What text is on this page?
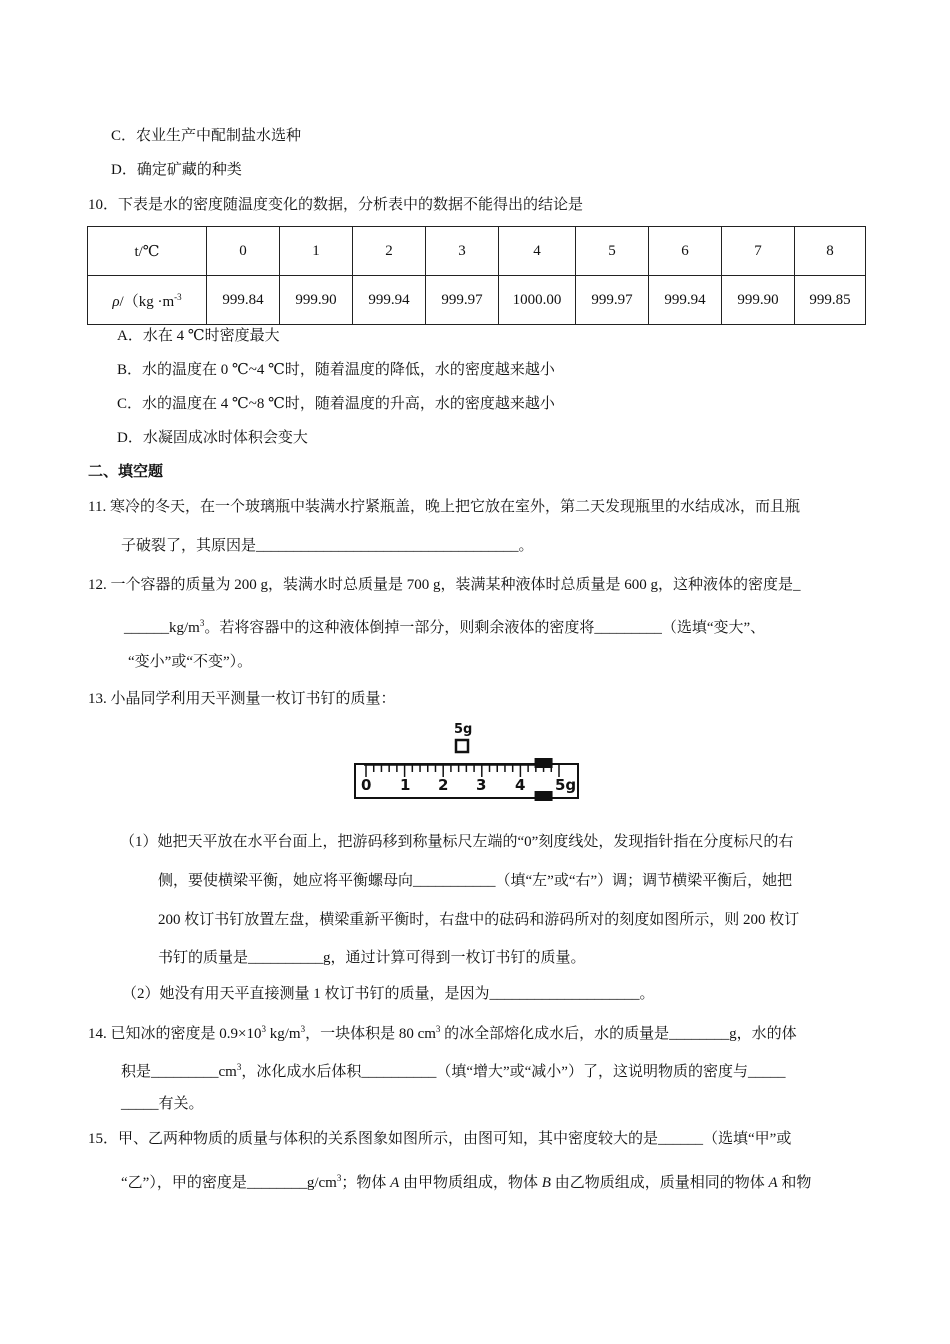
C．农业生产中配制盐水选种
D．确定矿藏的种类
10．下表是水的密度随温度变化的数据，分析表中的数据不能得出的结论是
t/℃	0	1	2	3	4	5	6	7	8
$\rho/(kg \cdot m^{-3}$	999.84	999.90	999.94	999.97	1000.00	999.97	999.94	999.90	999.85
A．水在 4 ℃时密度最大
B．水的温度在 0 ℃~4 ℃时，随着温度的降低，水的密度越来越小
C．水的温度在 4 ℃~8 ℃时，随着温度的升高，水的密度越来越小
D．水凝固成冰时体积会变大
二、填空题
11. 寒冷的冬天，在一个玻璃瓶中装满水拧紧瓶盖，晚上把它放在室外，第二天发现瓶里的水结成冰，而且瓶
子破裂了，其原因是___________________________________。
12. 一个容器的质量为 200 g，装满水时总质量是 700 g，装满某种液体时总质量是 600 g，这种液体的密度是_
$\_\_\_\_\_\_kg/m^3$。若将容器中的这种液体倒掉一部分，则剩余液体的密度将_________（选填“变大”、
“变小”或“不变”）。
13. 小晶同学利用天平测量一枚订书钉的质量：
5g
0 1 2 3 4 5g
（1）她把天平放在水平台面上，把游码移到称量标尺左端的“0”刻度线处，发现指针指在分度标尺的右
侧，要使横梁平衡，她应将平衡螺母向___________（填“左”或“右”）调；调节横梁平衡后，她把
200 枚订书钉放置左盘，横梁重新平衡时，右盘中的砝码和游码所对的刻度如图所示，则 200 枚订
书钉的质量是__________g，通过计算可得到一枚订书钉的质量。
（2）她没有用天平直接测量 1 枚订书钉的质量，是因为____________________。
14. 已知冰的密度是 $0.9\times 10^3$ $kg/m^3$，一块体积是 80 $cm^3$ 的冰全部熔化成水后，水的质量是________g，水的体
积是$\_\_\_\_\_\_\_\_\_cm^3$，冰化成水后体积__________（填“增大”或“减小”）了，这说明物质的密度与_____
_____有关。
15．甲、乙两种物质的质量与体积的关系图象如图所示，由图可知，其中密度较大的是______（选填“甲”或
“乙”），甲的密度是$\_\_\_\_\_\_\_\_g/cm^3$；物体 A 由甲物质组成，物体 B 由乙物质组成，质量相同的物体 A 和物
